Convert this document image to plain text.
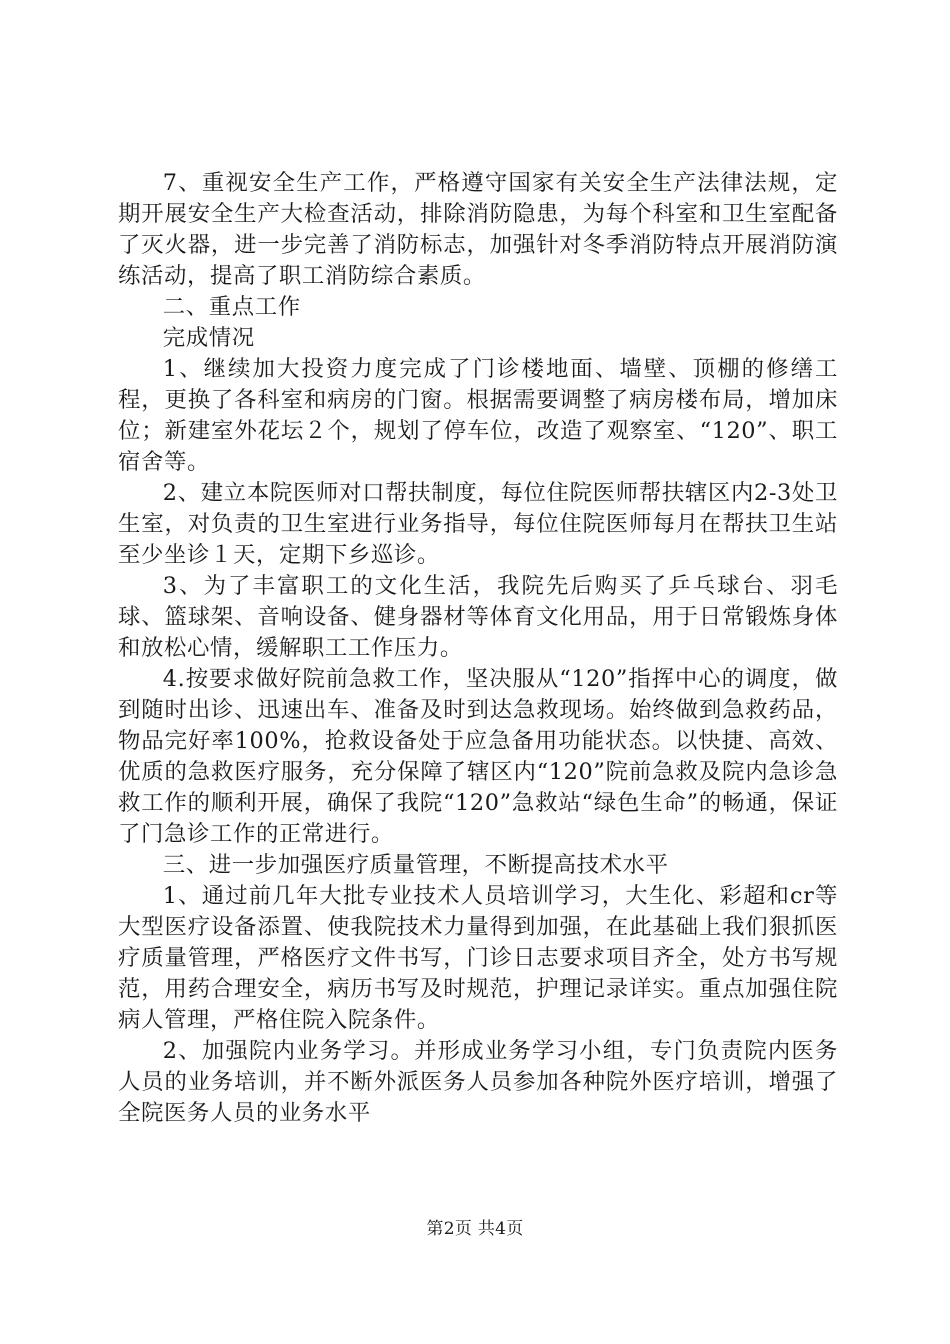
7、重视安全生产工作，严格遵守国家有关安全生产法律法规，定期开展安全生产大检查活动，排除消防隐患，为每个科室和卫生室配备了灭火器，进一步完善了消防标志，加强针对冬季消防特点开展消防演练活动，提高了职工消防综合素质。

二、重点工作

完成情况

1、继续加大投资力度完成了门诊楼地面、墙壁、顶棚的修缮工程，更换了各科室和病房的门窗。根据需要调整了病房楼布局，增加床位；新建室外花坛２个，规划了停车位，改造了观察室、“120”、职工宿舍等。

2、建立本院医师对口帮扶制度，每位住院医师帮扶辖区内2-3处卫生室，对负责的卫生室进行业务指导，每位住院医师每月在帮扶卫生站至少坐诊１天，定期下乡巡诊。

3、为了丰富职工的文化生活，我院先后购买了乒乓球台、羽毛球、篮球架、音响设备、健身器材等体育文化用品，用于日常锻炼身体和放松心情，缓解职工工作压力。

4.按要求做好院前急救工作，坚决服从“120”指挥中心的调度，做到随时出诊、迅速出车、准备及时到达急救现场。始终做到急救药品，物品完好率100%，抢救设备处于应急备用功能状态。以快捷、高效、优质的急救医疗服务，充分保障了辖区内“120”院前急救及院内急诊急救工作的顺利开展，确保了我院“120”急救站“绿色生命”的畅通，保证了门急诊工作的正常进行。

三、进一步加强医疗质量管理，不断提高技术水平

1、通过前几年大批专业技术人员培训学习，大生化、彩超和cr等大型医疗设备添置、使我院技术力量得到加强，在此基础上我们狠抓医疗质量管理，严格医疗文件书写，门诊日志要求项目齐全，处方书写规范，用药合理安全，病历书写及时规范，护理记录详实。重点加强住院病人管理，严格住院入院条件。

2、加强院内业务学习。并形成业务学习小组，专门负责院内医务人员的业务培训，并不断外派医务人员参加各种院外医疗培训，增强了全院医务人员的业务水平

第2页 共4页
